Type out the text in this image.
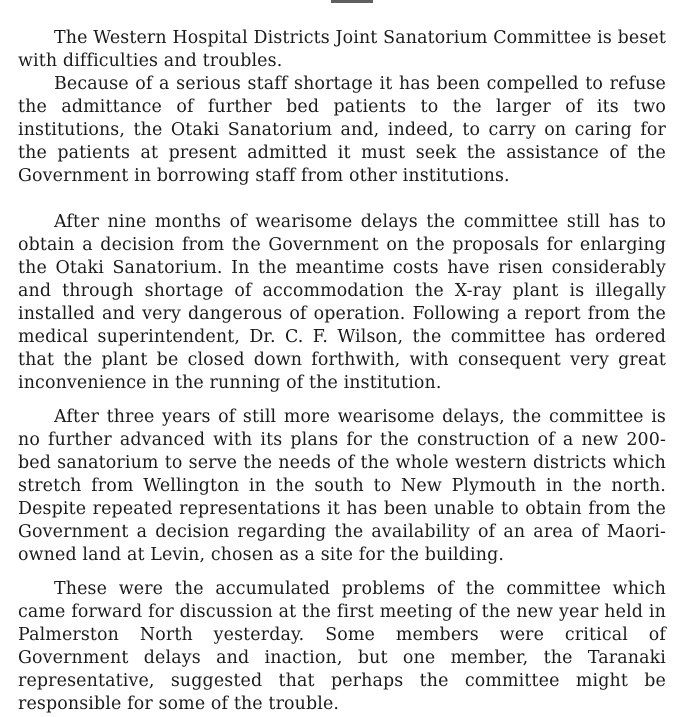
The Western Hospital Districts Joint Sanatorium Committee is beset with difficulties and troubles.

Because of a serious staff shortage it has been compelled to refuse the admittance of further bed patients to the larger of its two institutions, the Otaki Sanatorium and, indeed, to carry on caring for the patients at present admitted it must seek the assistance of the Government in borrowing staff from other institutions.

After nine months of wearisome delays the committee still has to obtain a decision from the Government on the proposals for enlarging the Otaki Sanatorium. In the meantime costs have risen considerably and through shortage of accommodation the X-ray plant is illegally installed and very dangerous of operation. Following a report from the medical superintendent, Dr. C. F. Wilson, the committee has ordered that the plant be closed down forthwith, with consequent very great inconvenience in the running of the institution.

After three years of still more wearisome delays, the committee is no further advanced with its plans for the construction of a new 200-bed sanatorium to serve the needs of the whole western districts which stretch from Wellington in the south to New Plymouth in the north. Despite repeated representations it has been unable to obtain from the Government a decision regarding the availability of an area of Maori-owned land at Levin, chosen as a site for the building.

These were the accumulated problems of the committee which came forward for discussion at the first meeting of the new year held in Palmerston North yesterday. Some members were critical of Government delays and inaction, but one member, the Taranaki representative, suggested that perhaps the committee might be responsible for some of the trouble.
